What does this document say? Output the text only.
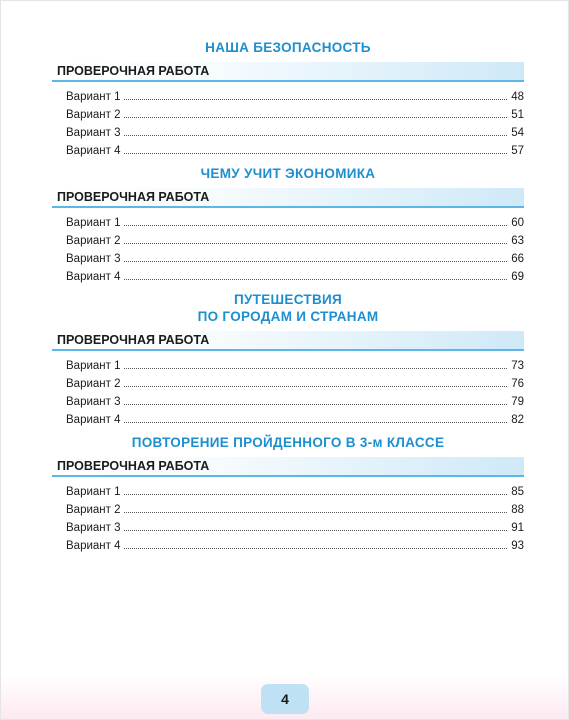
НАША БЕЗОПАСНОСТЬ
ПРОВЕРОЧНАЯ РАБОТА
Вариант 1	48
Вариант 2	51
Вариант 3	54
Вариант 4	57
ЧЕМУ УЧИТ ЭКОНОМИКА
ПРОВЕРОЧНАЯ РАБОТА
Вариант 1	60
Вариант 2	63
Вариант 3	66
Вариант 4	69
ПУТЕШЕСТВИЯ
ПО ГОРОДАМ И СТРАНАМ
ПРОВЕРОЧНАЯ РАБОТА
Вариант 1	73
Вариант 2	76
Вариант 3	79
Вариант 4	82
ПОВТОРЕНИЕ ПРОЙДЕННОГО В 3-м КЛАССЕ
ПРОВЕРОЧНАЯ РАБОТА
Вариант 1	85
Вариант 2	88
Вариант 3	91
Вариант 4	93
4
